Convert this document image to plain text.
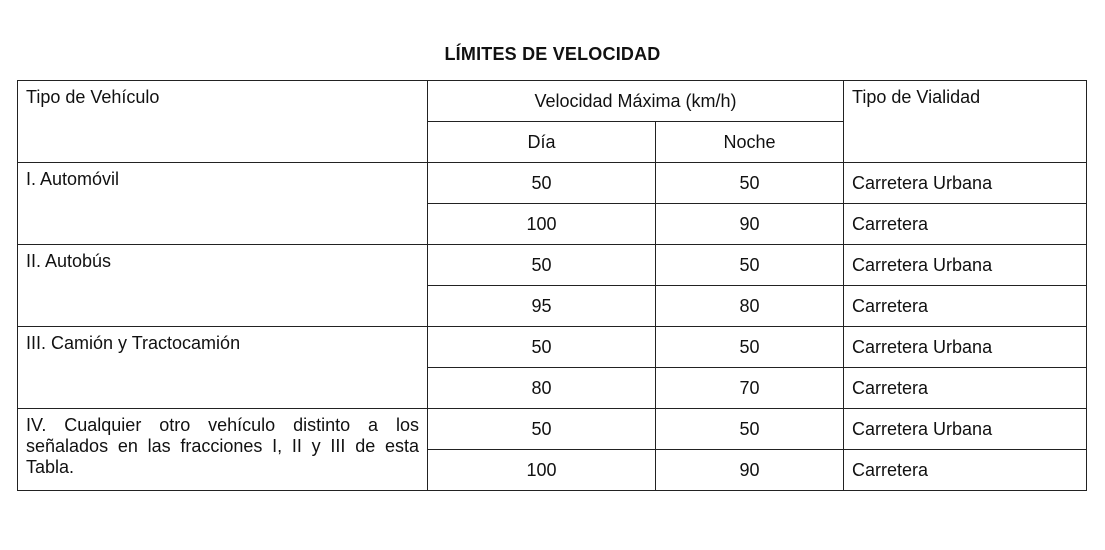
LÍMITES DE VELOCIDAD
Tipo de Vehículo	Velocidad Máxima (km/h)		Tipo de Vialidad
	Día	Noche	
I. Automóvil	50	50	Carretera Urbana
	100	90	Carretera
II. Autobús	50	50	Carretera Urbana
	95	80	Carretera
III. Camión y Tractocamión	50	50	Carretera Urbana
	80	70	Carretera
IV. Cualquier otro vehículo distinto a los señalados en las fracciones I, II y III de esta Tabla.	50	50	Carretera Urbana
	100	90	Carretera
